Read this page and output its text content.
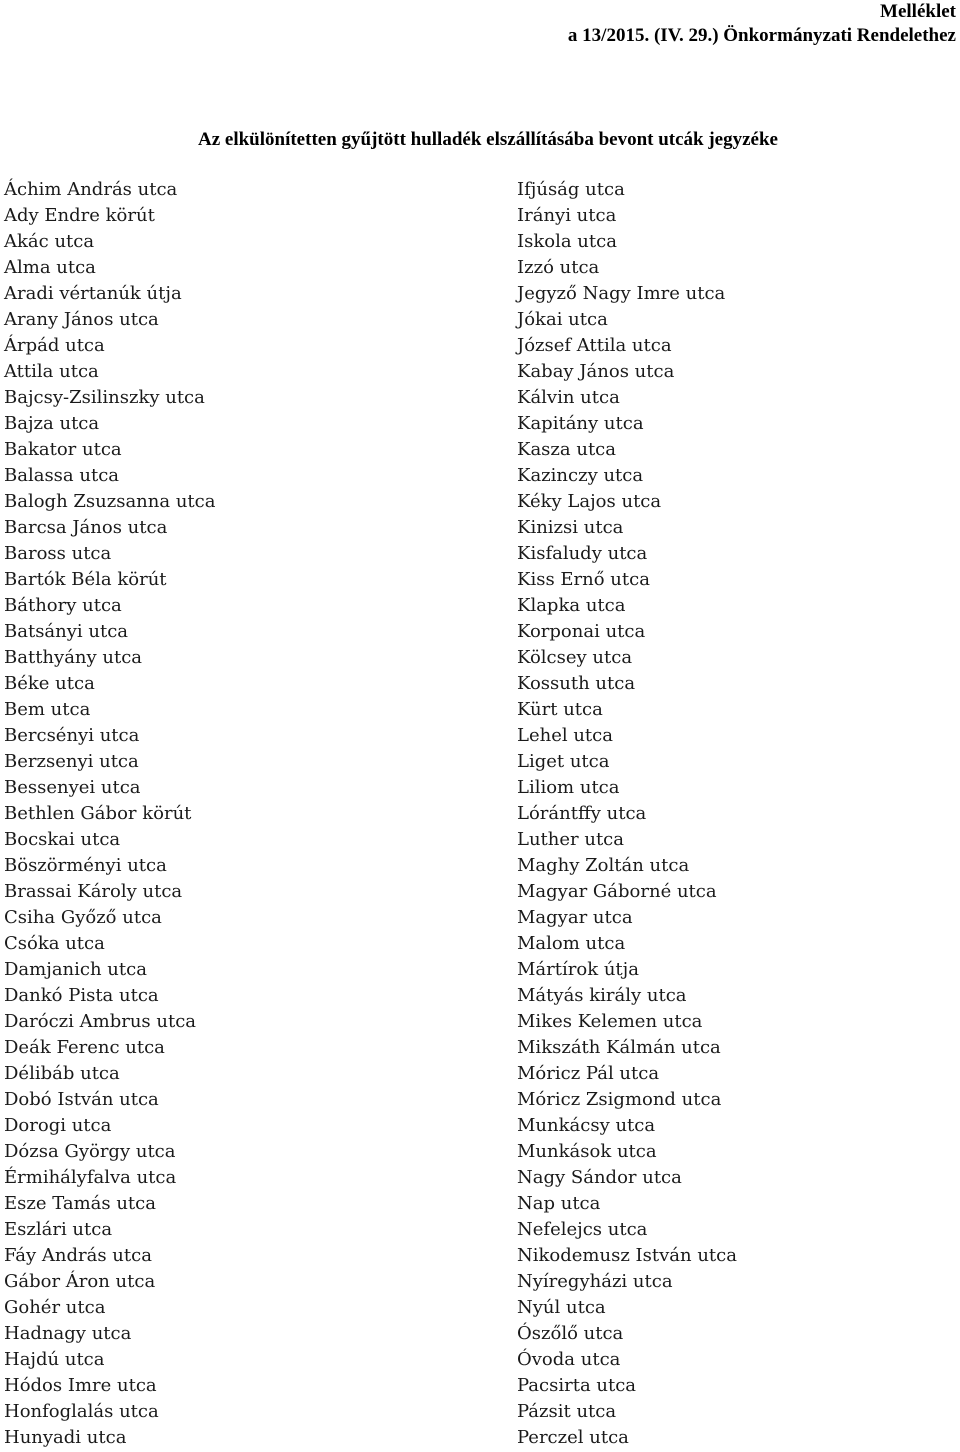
Melléklet
a 13/2015. (IV. 29.) Önkormányzati Rendelethez
Az elkülönítetten gyűjtött hulladék elszállításába bevont utcák jegyzéke
Áchim András utca
Ady Endre körút
Akác utca
Alma utca
Aradi vértanúk útja
Arany János utca
Árpád utca
Attila utca
Bajcsy-Zsilinszky utca
Bajza utca
Bakator utca
Balassa utca
Balogh Zsuzsanna utca
Barcsa János utca
Baross utca
Bartók Béla körút
Báthory utca
Batsányi utca
Batthyány utca
Béke utca
Bem utca
Bercsényi utca
Berzsenyi utca
Bessenyei utca
Bethlen Gábor körút
Bocskai utca
Böszörményi utca
Brassai Károly utca
Csiha Győző utca
Csóka utca
Damjanich utca
Dankó Pista utca
Daróczi Ambrus utca
Deák Ferenc utca
Délibáb utca
Dobó István utca
Dorogi utca
Dózsa György utca
Érmihályfalva utca
Esze Tamás utca
Eszlári utca
Fáy András utca
Gábor Áron utca
Gohér utca
Hadnagy utca
Hajdú utca
Hódos Imre utca
Honfoglalás utca
Hunyadi utca
Ifjúság utca
Irányi utca
Iskola utca
Izzó utca
Jegyző Nagy Imre utca
Jókai utca
József Attila utca
Kabay János utca
Kálvin utca
Kapitány utca
Kasza utca
Kazinczy utca
Kéky Lajos utca
Kinizsi utca
Kisfaludy utca
Kiss Ernő utca
Klapka utca
Korponai utca
Kölcsey utca
Kossuth utca
Kürt utca
Lehel utca
Liget utca
Liliom utca
Lórántffy utca
Luther utca
Maghy Zoltán utca
Magyar Gáborné utca
Magyar utca
Malom utca
Mártírok útja
Mátyás király utca
Mikes Kelemen utca
Mikszáth Kálmán utca
Móricz Pál utca
Móricz Zsigmond utca
Munkácsy utca
Munkások utca
Nagy Sándor utca
Nap utca
Nefelejcs utca
Nikodemusz István utca
Nyíregyházi utca
Nyúl utca
Ószőlő utca
Óvoda utca
Pacsirta utca
Pázsit utca
Perczel utca
